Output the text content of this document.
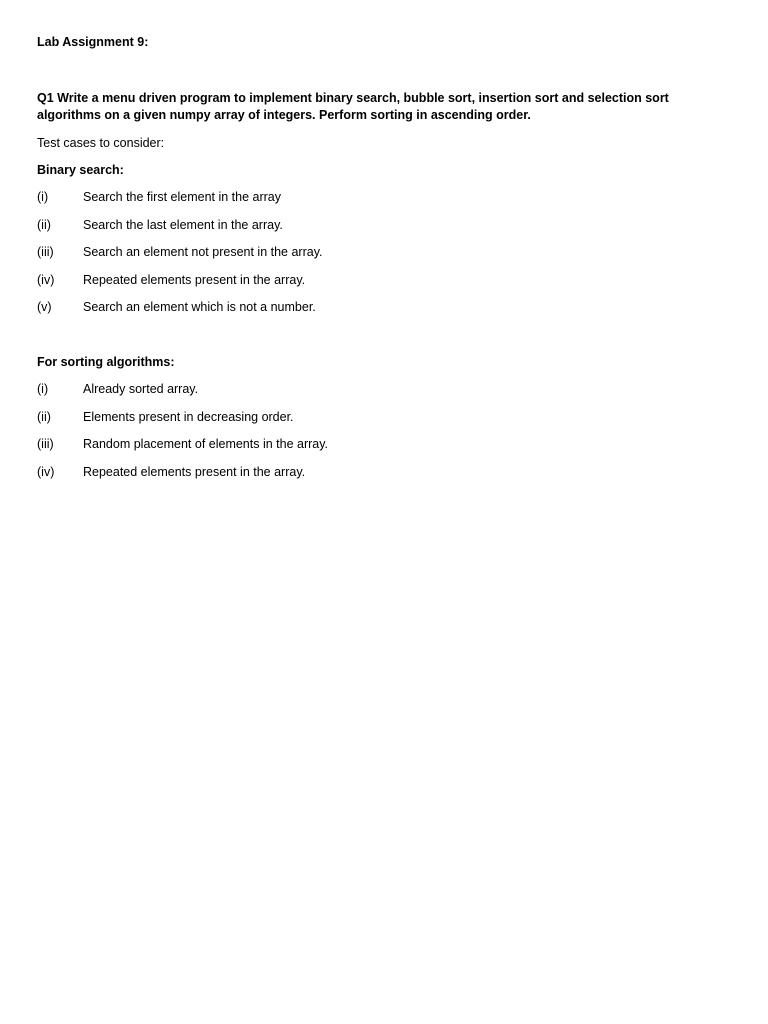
Lab Assignment 9:

Q1 Write a menu driven program to implement binary search, bubble sort, insertion sort and selection sort algorithms on a given numpy array of integers. Perform sorting in ascending order.

Test cases to consider:

Binary search:

(i)	Search the first element in the array
(ii)	Search the last element in the array.
(iii)	Search an element not present in the array.
(iv)	Repeated elements present in the array.
(v)	Search an element which is not a number.

For sorting algorithms:

(i)	Already sorted array.
(ii)	Elements present in decreasing order.
(iii)	Random placement of elements in the array.
(iv)	Repeated elements present in the array.
